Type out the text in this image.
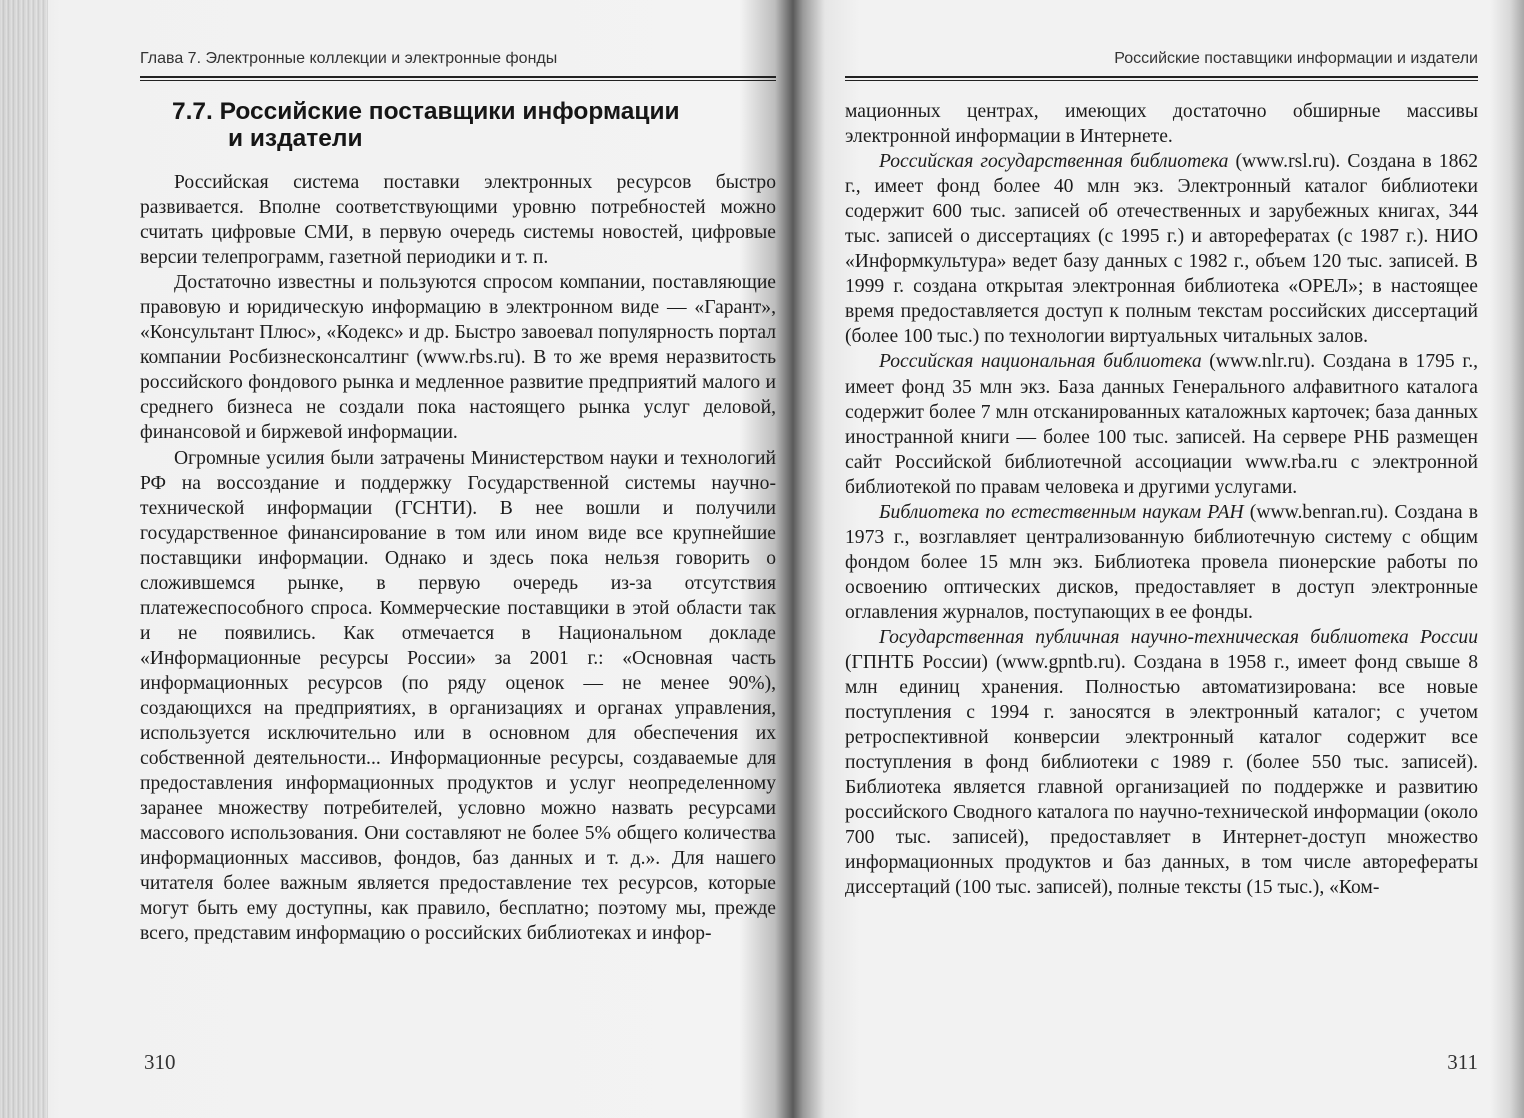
Глава 7. Электронные коллекции и электронные фонды
7.7. Российские поставщики информации
и издатели

Российская система поставки электронных ресурсов быстро развивается. Вполне соответствующими уровню потребностей можно считать цифровые СМИ, в первую очередь системы новостей, цифровые версии телепрограмм, газетной периодики и т. п.

Достаточно известны и пользуются спросом компании, поставляющие правовую и юридическую информацию в электронном виде — «Гарант», «Консультант Плюс», «Кодекс» и др. Быстро завоевал популярность портал компании Росбизнесконсалтинг (www.rbs.ru). В то же время неразвитость российского фондового рынка и медленное развитие предприятий малого и среднего бизнеса не создали пока настоящего рынка услуг деловой, финансовой и биржевой информации.

Огромные усилия были затрачены Министерством науки и технологий РФ на воссоздание и поддержку Государственной системы научно-технической информации (ГСНТИ). В нее вошли и получили государственное финансирование в том или ином виде все крупнейшие поставщики информации. Однако и здесь пока нельзя говорить о сложившемся рынке, в первую очередь из-за отсутствия платежеспособного спроса. Коммерческие поставщики в этой области так и не появились. Как отмечается в Национальном докладе «Информационные ресурсы России» за 2001 г.: «Основная часть информационных ресурсов (по ряду оценок — не менее 90%), создающихся на предприятиях, в организациях и органах управления, используется исключительно или в основном для обеспечения их собственной деятельности... Информационные ресурсы, создаваемые для предоставления информационных продуктов и услуг неопределенному заранее множеству потребителей, условно можно назвать ресурсами массового использования. Они составляют не более 5% общего количества информационных массивов, фондов, баз данных и т. д.». Для нашего читателя более важным является предоставление тех ресурсов, которые могут быть ему доступны, как правило, бесплатно; поэтому мы, прежде всего, представим информацию о российских библиотеках и инфор-

310
Российские поставщики информации и издатели

мационных центрах, имеющих достаточно обширные массивы электронной информации в Интернете.

Российская государственная библиотека (www.rsl.ru). Создана в 1862 г., имеет фонд более 40 млн экз. Электронный каталог библиотеки содержит 600 тыс. записей об отечественных и зарубежных книгах, 344 тыс. записей о диссертациях (с 1995 г.) и авторефератах (с 1987 г.). НИО «Информкультура» ведет базу данных с 1982 г., объем 120 тыс. записей. В 1999 г. создана открытая электронная библиотека «ОРЕЛ»; в настоящее время предоставляется доступ к полным текстам российских диссертаций (более 100 тыс.) по технологии виртуальных читальных залов.

Российская национальная библиотека (www.nlr.ru). Создана в 1795 г., имеет фонд 35 млн экз. База данных Генерального алфавитного каталога содержит более 7 млн отсканированных каталожных карточек; база данных иностранной книги — более 100 тыс. записей. На сервере РНБ размещен сайт Российской библиотечной ассоциации www.rba.ru с электронной библиотекой по правам человека и другими услугами.

Библиотека по естественным наукам РАН (www.benran.ru). Создана в 1973 г., возглавляет централизованную библиотечную систему с общим фондом более 15 млн экз. Библиотека провела пионерские работы по освоению оптических дисков, предоставляет в доступ электронные оглавления журналов, поступающих в ее фонды.

Государственная публичная научно-техническая библиотека России (ГПНТБ России) (www.gpntb.ru). Создана в 1958 г., имеет фонд свыше 8 млн единиц хранения. Полностью автоматизирована: все новые поступления с 1994 г. заносятся в электронный каталог; с учетом ретроспективной конверсии электронный каталог содержит все поступления в фонд библиотеки с 1989 г. (более 550 тыс. записей). Библиотека является главной организацией по поддержке и развитию российского Сводного каталога по научно-технической информации (около 700 тыс. записей), предоставляет в Интернет-доступ множество информационных продуктов и баз данных, в том числе авторефераты диссертаций (100 тыс. записей), полные тексты (15 тыс.), «Ком-

311
